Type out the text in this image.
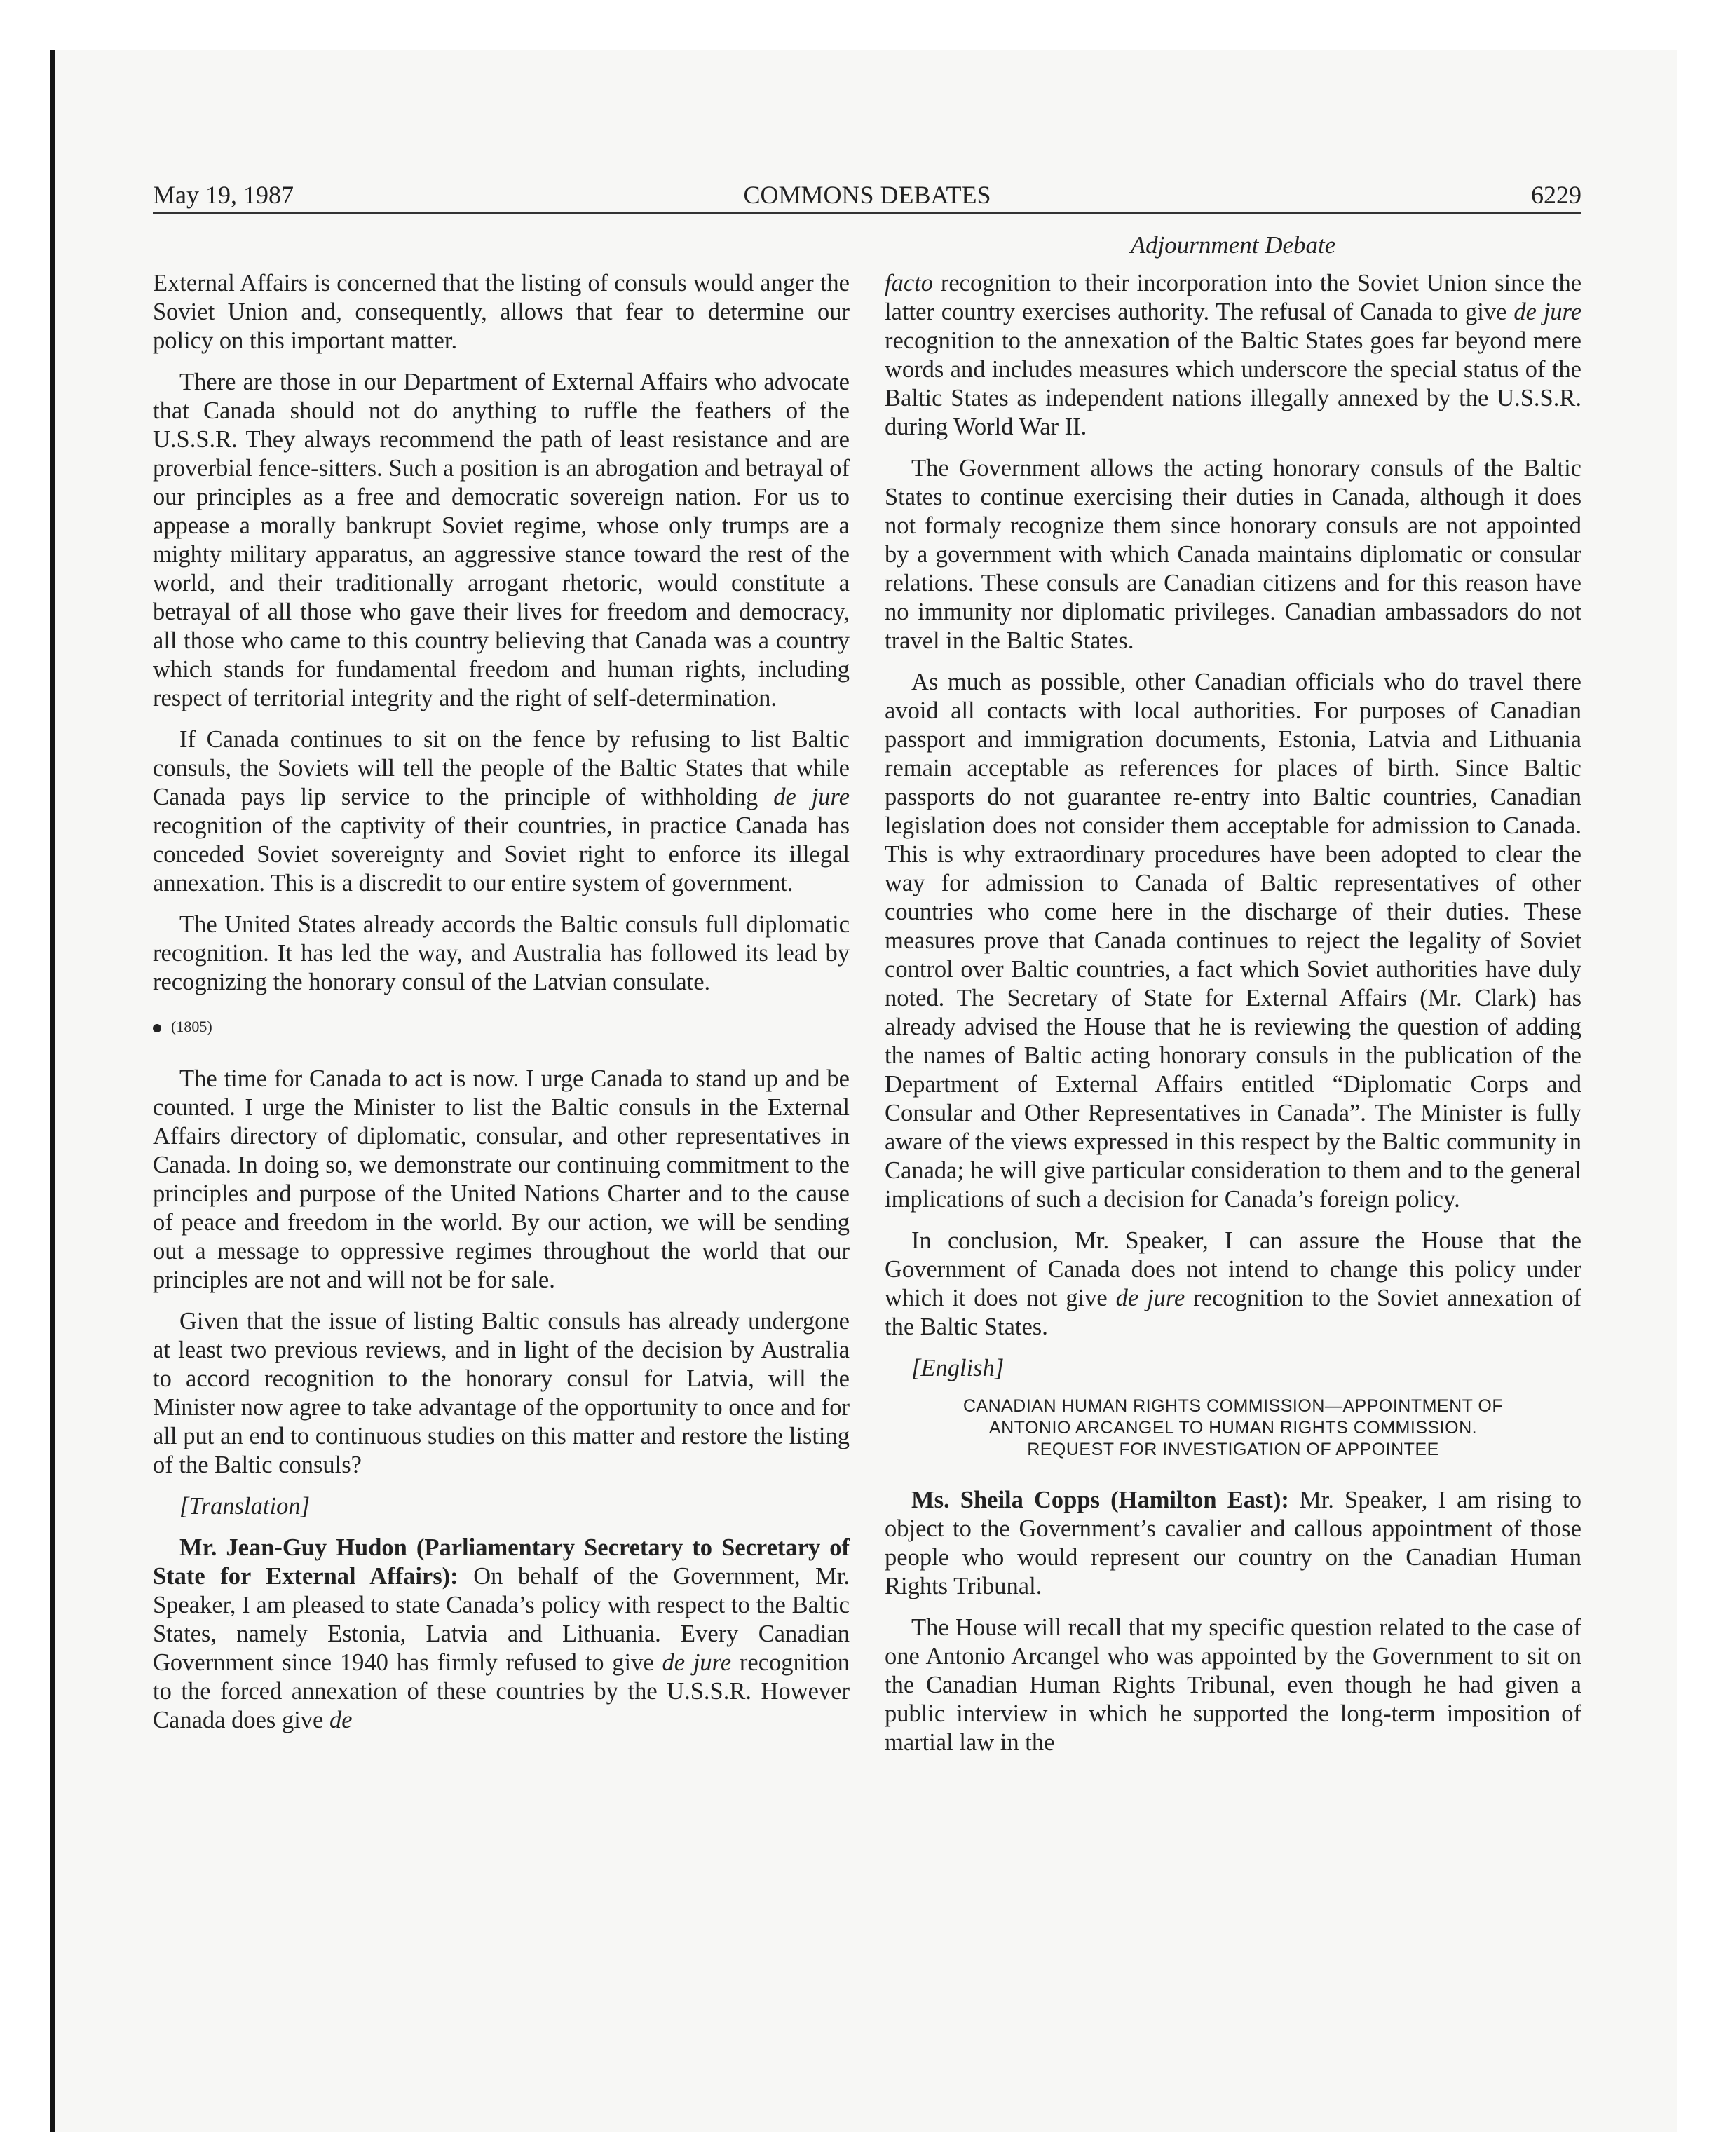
May 19, 1987	COMMONS DEBATES	6229
Adjournment Debate

External Affairs is concerned that the listing of consuls would anger the Soviet Union and, consequently, allows that fear to determine our policy on this important matter.

There are those in our Department of External Affairs who advocate that Canada should not do anything to ruffle the feathers of the U.S.S.R. They always recommend the path of least resistance and are proverbial fence-sitters. Such a position is an abrogation and betrayal of our principles as a free and democratic sovereign nation. For us to appease a morally bankrupt Soviet regime, whose only trumps are a mighty military apparatus, an aggressive stance toward the rest of the world, and their traditionally arrogant rhetoric, would constitute a betrayal of all those who gave their lives for freedom and democracy, all those who came to this country believing that Canada was a country which stands for fundamental freedom and human rights, including respect of territorial integrity and the right of self-determination.

If Canada continues to sit on the fence by refusing to list Baltic consuls, the Soviets will tell the people of the Baltic States that while Canada pays lip service to the principle of withholding de jure recognition of the captivity of their countries, in practice Canada has conceded Soviet sovereignty and Soviet right to enforce its illegal annexation. This is a discredit to our entire system of government.

The United States already accords the Baltic consuls full diplomatic recognition. It has led the way, and Australia has followed its lead by recognizing the honorary consul of the Latvian consulate.

(1805)

The time for Canada to act is now. I urge Canada to stand up and be counted. I urge the Minister to list the Baltic consuls in the External Affairs directory of diplomatic, consular, and other representatives in Canada. In doing so, we demonstrate our continuing commitment to the principles and purpose of the United Nations Charter and to the cause of peace and freedom in the world. By our action, we will be sending out a message to oppressive regimes throughout the world that our principles are not and will not be for sale.

Given that the issue of listing Baltic consuls has already undergone at least two previous reviews, and in light of the decision by Australia to accord recognition to the honorary consul for Latvia, will the Minister now agree to take advantage of the opportunity to once and for all put an end to continuous studies on this matter and restore the listing of the Baltic consuls?

[Translation]

Mr. Jean-Guy Hudon (Parliamentary Secretary to Secretary of State for External Affairs): On behalf of the Government, Mr. Speaker, I am pleased to state Canada’s policy with respect to the Baltic States, namely Estonia, Latvia and Lithuania. Every Canadian Government since 1940 has firmly refused to give de jure recognition to the forced annexation of these countries by the U.S.S.R. However Canada does give de

facto recognition to their incorporation into the Soviet Union since the latter country exercises authority. The refusal of Canada to give de jure recognition to the annexation of the Baltic States goes far beyond mere words and includes measures which underscore the special status of the Baltic States as independent nations illegally annexed by the U.S.S.R. during World War II.

The Government allows the acting honorary consuls of the Baltic States to continue exercising their duties in Canada, although it does not formaly recognize them since honorary consuls are not appointed by a government with which Canada maintains diplomatic or consular relations. These consuls are Canadian citizens and for this reason have no immunity nor diplomatic privileges. Canadian ambassadors do not travel in the Baltic States.

As much as possible, other Canadian officials who do travel there avoid all contacts with local authorities. For purposes of Canadian passport and immigration documents, Estonia, Latvia and Lithuania remain acceptable as references for places of birth. Since Baltic passports do not guarantee re-entry into Baltic countries, Canadian legislation does not consider them acceptable for admission to Canada. This is why extraordinary procedures have been adopted to clear the way for admission to Canada of Baltic representatives of other countries who come here in the discharge of their duties. These measures prove that Canada continues to reject the legality of Soviet control over Baltic countries, a fact which Soviet authorities have duly noted. The Secretary of State for External Affairs (Mr. Clark) has already advised the House that he is reviewing the question of adding the names of Baltic acting honorary consuls in the publication of the Department of External Affairs entitled “Diplomatic Corps and Consular and Other Representatives in Canada”. The Minister is fully aware of the views expressed in this respect by the Baltic community in Canada; he will give particular consideration to them and to the general implications of such a decision for Canada’s foreign policy.

In conclusion, Mr. Speaker, I can assure the House that the Government of Canada does not intend to change this policy under which it does not give de jure recognition to the Soviet annexation of the Baltic States.

[English]

CANADIAN HUMAN RIGHTS COMMISSION—APPOINTMENT OF
ANTONIO ARCANGEL TO HUMAN RIGHTS COMMISSION.
REQUEST FOR INVESTIGATION OF APPOINTEE

Ms. Sheila Copps (Hamilton East): Mr. Speaker, I am rising to object to the Government’s cavalier and callous appointment of those people who would represent our country on the Canadian Human Rights Tribunal.

The House will recall that my specific question related to the case of one Antonio Arcangel who was appointed by the Government to sit on the Canadian Human Rights Tribunal, even though he had given a public interview in which he supported the long-term imposition of martial law in the
